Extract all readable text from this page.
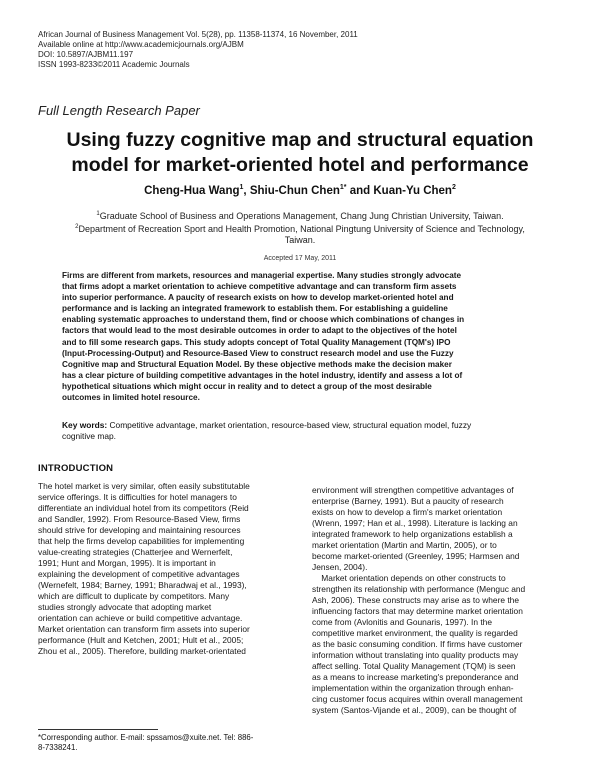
African Journal of Business Management Vol. 5(28), pp. 11358-11374, 16 November, 2011
Available online at http://www.academicjournals.org/AJBM
DOI: 10.5897/AJBM11.197
ISSN 1993-8233©2011 Academic Journals
Full Length Research Paper
Using fuzzy cognitive map and structural equation
model for market-oriented hotel and performance
Cheng-Hua Wang$^1$, Shiu-Chun Chen$^{1*}$ and Kuan-Yu Chen$^2$
$^1$Graduate School of Business and Operations Management, Chang Jung Christian University, Taiwan.
$^2$Department of Recreation Sport and Health Promotion, National Pingtung University of Science and Technology,
Taiwan.
Accepted 17 May, 2011
Firms are different from markets, resources and managerial expertise. Many studies strongly advocate
that firms adopt a market orientation to achieve competitive advantage and can transform firm assets
into superior performance. A paucity of research exists on how to develop market-oriented hotel and
performance and is lacking an integrated framework to establish them. For establishing a guideline
enabling systematic approaches to understand them, find or choose which combinations of changes in
factors that would lead to the most desirable outcomes in order to adapt to the objectives of the hotel
and to fill some research gaps. This study adopts concept of Total Quality Management (TQM's) IPO
(Input-Processing-Output) and Resource-Based View to construct research model and use the Fuzzy
Cognitive map and Structural Equation Model. By these objective methods make the decision maker
has a clear picture of building competitive advantages in the hotel industry, identify and assess a lot of
hypothetical situations which might occur in reality and to detect a group of the most desirable
outcomes in limited hotel resource.
Key words: Competitive advantage, market orientation, resource-based view, structural equation model, fuzzy
cognitive map.
INTRODUCTION
The hotel market is very similar, often easily substitutable
service offerings. It is difficulties for hotel managers to
differentiate an individual hotel from its competitors (Reid
and Sandler, 1992). From Resource-Based View, firms
should strive for developing and maintaining resources
that help the firms develop capabilities for implementing
value-creating strategies (Chatterjee and Wernerfelt,
1991; Hunt and Morgan, 1995). It is important in
explaining the development of competitive advantages
(Wernefelt, 1984; Barney, 1991; Bharadwaj et al., 1993),
which are difficult to duplicate by competitors. Many
studies strongly advocate that adopting market
orientation can achieve or build competitive advantage.
Market orientation can transform firm assets into superior
performance (Hult and Ketchen, 2001; Hult et al., 2005;
Zhou et al., 2005). Therefore, building market-orientated
environment will strengthen competitive advantages of
enterprise (Barney, 1991). But a paucity of research
exists on how to develop a firm's market orientation
(Wrenn, 1997; Han et al., 1998). Literature is lacking an
integrated framework to help organizations establish a
market orientation (Martin and Martin, 2005), or to
become market-oriented (Greenley, 1995; Harmsen and
Jensen, 2004).
Market orientation depends on other constructs to
strengthen its relationship with performance (Menguc and
Ash, 2006). These constructs may arise as to where the
influencing factors that may determine market orientation
come from (Avlonitis and Gounaris, 1997). In the
competitive market environment, the quality is regarded
as the basic consuming condition. If firms have customer
information without translating into quality products may
affect selling. Total Quality Management (TQM) is seen
as a means to increase marketing's preponderance and
implementation within the organization through enhan-
cing customer focus acquires within overall management
system (Santos-Vijande et al., 2009), can be thought of
*Corresponding author. E-mail: spssamos@xuite.net. Tel: 886-
8-7338241.
